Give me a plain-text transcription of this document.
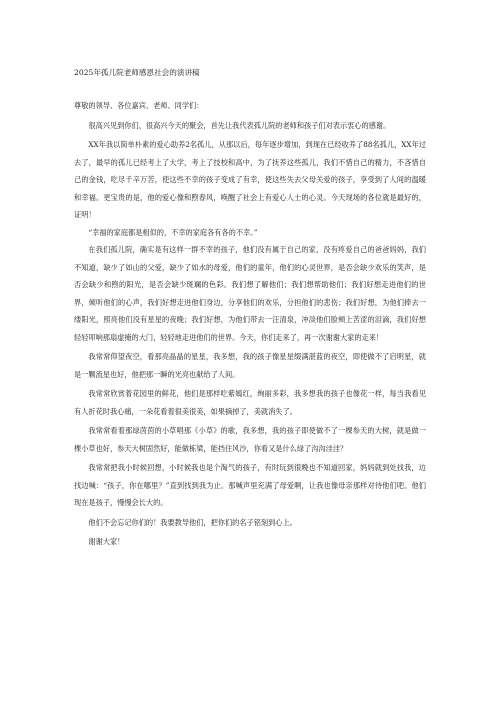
2025年孤儿院老师感恩社会的演讲稿

尊敬的领导、各位嘉宾、老师、同学们：

很高兴见到你们，很高兴今天的聚会，首先让我代表孤儿院的老师和孩子们对表示衷心的感谢。

XX年我以简单朴素的爱心助养2名孤儿，从那以后，每年逐步增加，到现在已经收养了88名孤儿，XX年过去了，最早的孤儿已经考上了大学，考上了技校和高中，为了抚养这些孤儿，我们不惜自己的精力，不吝惜自己的金钱，吃尽千辛万苦，使这些不幸的孩子变成了有幸，使这些失去父母关爱的孩子，享受到了人间的温暖和幸福。更宝贵的是，他的爱心像和煦春风，唤醒了社会上有爱心人士的心灵。今天现场的各位就是最好的，证明！

“幸福的家庭都是相似的，不幸的家庭各有各的不幸。”

在我们孤儿院，确实是有这样一群不幸的孩子，他们没有属于自己的家，没有疼爱自己的爸爸妈妈，我们不知道，缺少了如山的父爱，缺少了如水的母爱，他们的童年，他们的心灵世界，是否会缺少欢乐的笑声，是否会缺少和煦的阳光，是否会缺少斑斓的色彩。我们想了解他们；我们想帮助他们；我们好想走进他们的世界，倾听他们的心声，我们好想走进他们身边，分享他们的欢乐，分担他们的悲伤；我们好想，为他们捧去一缕阳光，照亮他们没有星星的夜晚；我们好想，为他们带去一汪清泉，冲淡他们脸颊上苦涩的泪滴，我们好想轻轻叩响那扇虚掩的大门，轻轻地走进他们的世界。今天，你们走来了，再一次谢谢大家的走来！

我常常仰望夜空，看那亮晶晶的星星，我多想，我的孩子像星星缀满湛蓝的夜空，即使做不了启明星，就是一颗流星也好，他把那一瞬的光亮也献给了人间。

我常常欣赏着花园里的鲜花，他们是那样吃紫嫣红，绚丽多彩，我多想我的孩子也像花一样，每当我看见有人折花时我心痛，一朵花看着很美很美，如果摘掉了，美就消失了。

我常常看着那绿茵茵的小草唱那《小草》的歌，我多想，我的孩子即使做不了一棵参天的大树，就是做一棵小草也好，参天大树固然好，能做栋梁，能挡住风沙，你看又是什么绿了沟沟洼洼？

我常常把我小时候回想，小时候我也是个淘气的孩子，有时玩到很晚也不知道回家，妈妈就到处找我，边找边喊：“孩子，你在哪里？”直到找到我为止。那喊声里充满了母爱啊，让我也像母亲那样对待他们吧。他们现在是孩子，慢慢会长大的。

他们不会忘记你们的！我要教导他们，把你们的名子铭刻到心上。

谢谢大家！
